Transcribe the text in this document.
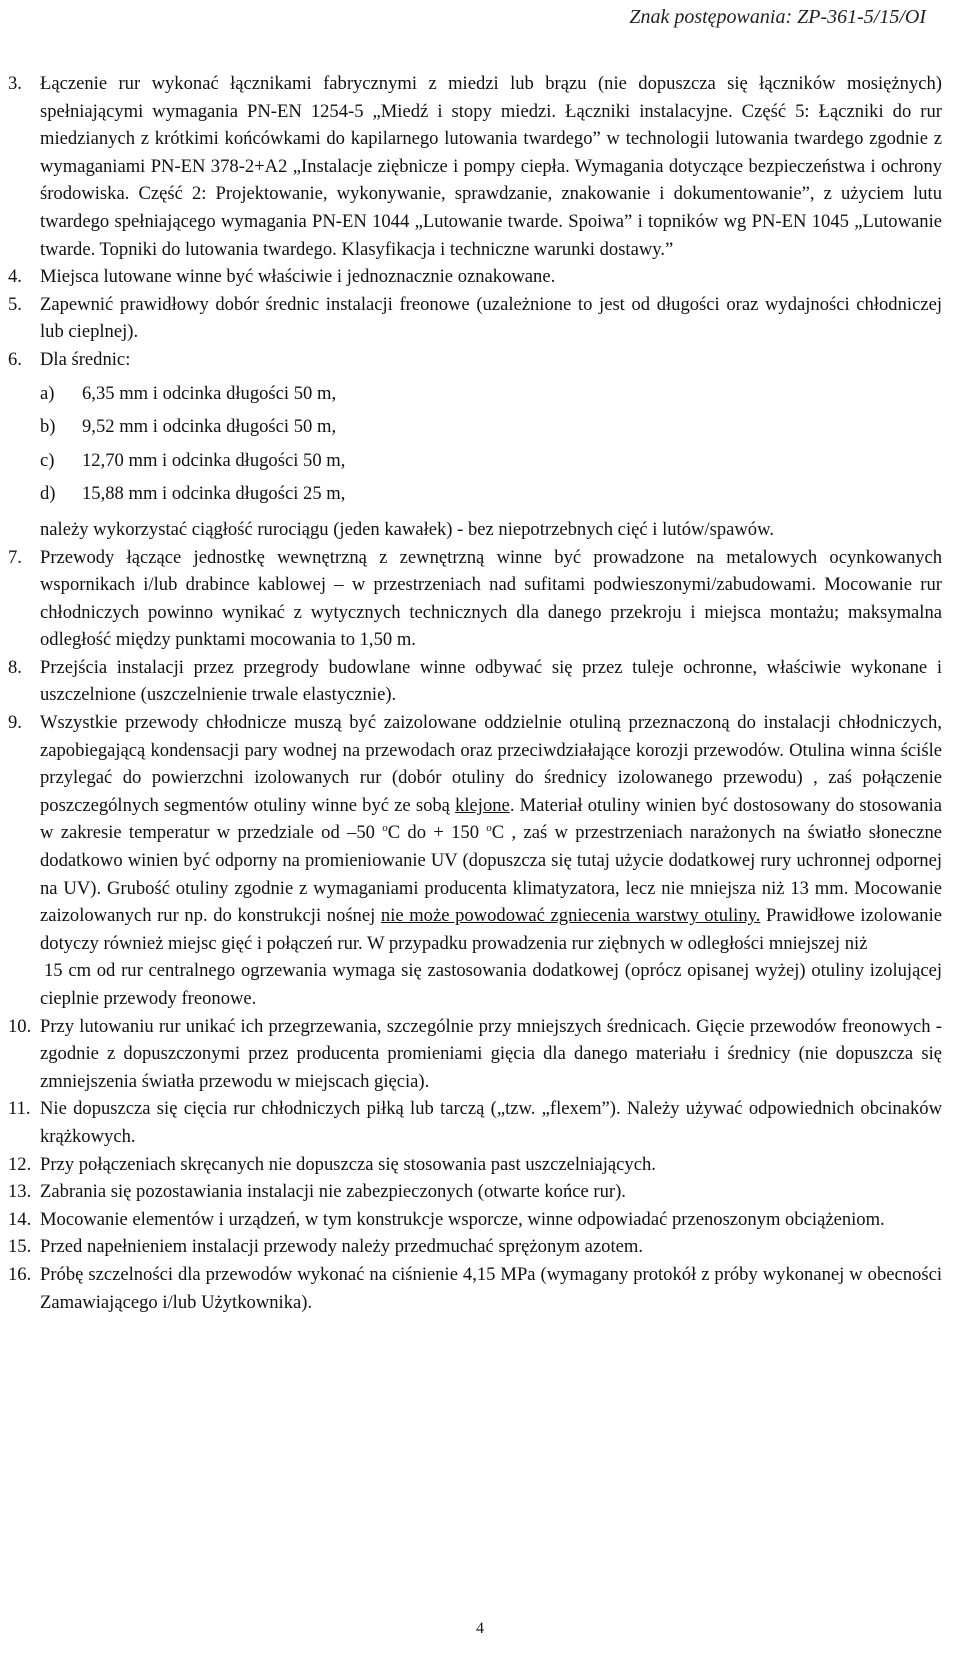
Znak postępowania: ZP-361-5/15/OI
3. Łączenie rur wykonać łącznikami fabrycznymi z miedzi lub brązu (nie dopuszcza się łączników mosiężnych) spełniającymi wymagania PN-EN 1254-5 „Miedź i stopy miedzi. Łączniki instalacyjne. Część 5: Łączniki do rur miedzianych z krótkimi końcówkami do kapilarnego lutowania twardego” w technologii lutowania twardego zgodnie z wymaganiami PN-EN 378-2+A2 „Instalacje ziębnicze i pompy ciepła. Wymagania dotyczące bezpieczeństwa i ochrony środowiska. Część 2: Projektowanie, wykonywanie, sprawdzanie, znakowanie i dokumentowanie”, z użyciem lutu twardego spełniającego wymagania PN-EN 1044 „Lutowanie twarde. Spoiwa” i topników wg PN-EN 1045 „Lutowanie twarde. Topniki do lutowania twardego. Klasyfikacja i techniczne warunki dostawy.”
4. Miejsca lutowane winne być właściwie i jednoznacznie oznakowane.
5. Zapewnić prawidłowy dobór średnic instalacji freonowe (uzależnione to jest od długości oraz wydajności chłodniczej lub cieplnej).
6. Dla średnic:

a)	6,35 mm i odcinka długości 50 m,
b)	9,52 mm i odcinka długości 50 m,
c)	12,70 mm i odcinka długości 50 m,
d)	15,88 mm i odcinka długości 25 m,

należy wykorzystać ciągłość rurociągu (jeden kawałek) - bez niepotrzebnych cięć i lutów/spawów.

7. Przewody łączące jednostkę wewnętrzną z zewnętrzną winne być prowadzone na metalowych ocynkowanych wspornikach i/lub drabince kablowej – w przestrzeniach nad sufitami podwieszonymi/zabudowami. Mocowanie rur chłodniczych powinno wynikać z wytycznych technicznych dla danego przekroju i miejsca montażu; maksymalna odległość między punktami mocowania to 1,50 m.
8. Przejścia instalacji przez przegrody budowlane winne odbywać się przez tuleje ochronne, właściwie wykonane i uszczelnione (uszczelnienie trwale elastycznie).
9. Wszystkie przewody chłodnicze muszą być zaizolowane oddzielnie otuliną przeznaczoną do instalacji chłodniczych, zapobiegającą kondensacji pary wodnej na przewodach oraz przeciwdziałające korozji przewodów. Otulina winna ściśle przylegać do powierzchni izolowanych rur (dobór otuliny do średnicy izolowanego przewodu) , zaś połączenie poszczególnych segmentów otuliny winne być ze sobą klejone. Materiał otuliny winien być dostosowany do stosowania w zakresie temperatur w przedziale od –50 $^o$C do + 150 $^o$C , zaś w przestrzeniach narażonych na światło słoneczne dodatkowo winien być odporny na promieniowanie UV (dopuszcza się tutaj użycie dodatkowej rury uchronnej odpornej na UV). Grubość otuliny zgodnie z wymaganiami producenta klimatyzatora, lecz nie mniejsza niż 13 mm. Mocowanie zaizolowanych rur np. do konstrukcji nośnej nie może powodować zgniecenia warstwy otuliny. Prawidłowe izolowanie dotyczy również miejsc gięć i połączeń rur. W przypadku prowadzenia rur ziębnych w odległości mniejszej niż

15 cm od rur centralnego ogrzewania wymaga się zastosowania dodatkowej (oprócz opisanej wyżej) otuliny izolującej cieplnie przewody freonowe.

10. Przy lutowaniu rur unikać ich przegrzewania, szczególnie przy mniejszych średnicach. Gięcie przewodów freonowych - zgodnie z dopuszczonymi przez producenta promieniami gięcia dla danego materiału i średnicy (nie dopuszcza się zmniejszenia światła przewodu w miejscach gięcia).
11. Nie dopuszcza się cięcia rur chłodniczych piłką lub tarczą („tzw. „flexem”). Należy używać odpowiednich obcinaków krążkowych.
12. Przy połączeniach skręcanych nie dopuszcza się stosowania past uszczelniających.
13. Zabrania się pozostawiania instalacji nie zabezpieczonych (otwarte końce rur).
14. Mocowanie elementów i urządzeń, w tym konstrukcje wsporcze, winne odpowiadać przenoszonym obciążeniom.
15. Przed napełnieniem instalacji przewody należy przedmuchać sprężonym azotem.
16. Próbę szczelności dla przewodów wykonać na ciśnienie 4,15 MPa (wymagany protokół z próby wykonanej w obecności Zamawiającego i/lub Użytkownika).
4
